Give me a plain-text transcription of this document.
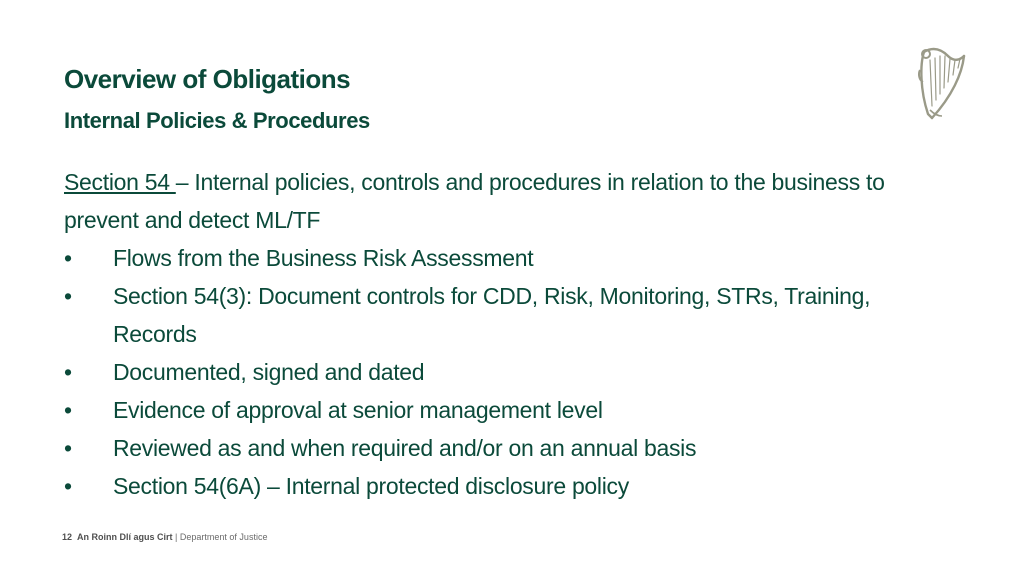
Overview of Obligations
Internal Policies & Procedures
Section 54 – Internal policies, controls and procedures in relation to the business to prevent and detect ML/TF
•	Flows from the Business Risk Assessment
•	Section 54(3): Document controls for CDD, Risk, Monitoring, STRs, Training, Records
•	Documented, signed and dated
•	Evidence of approval at senior management level
•	Reviewed as and when required and/or on an annual basis
•	Section 54(6A) – Internal protected disclosure policy
12 An Roinn Dlí agus Cirt | Department of Justice
